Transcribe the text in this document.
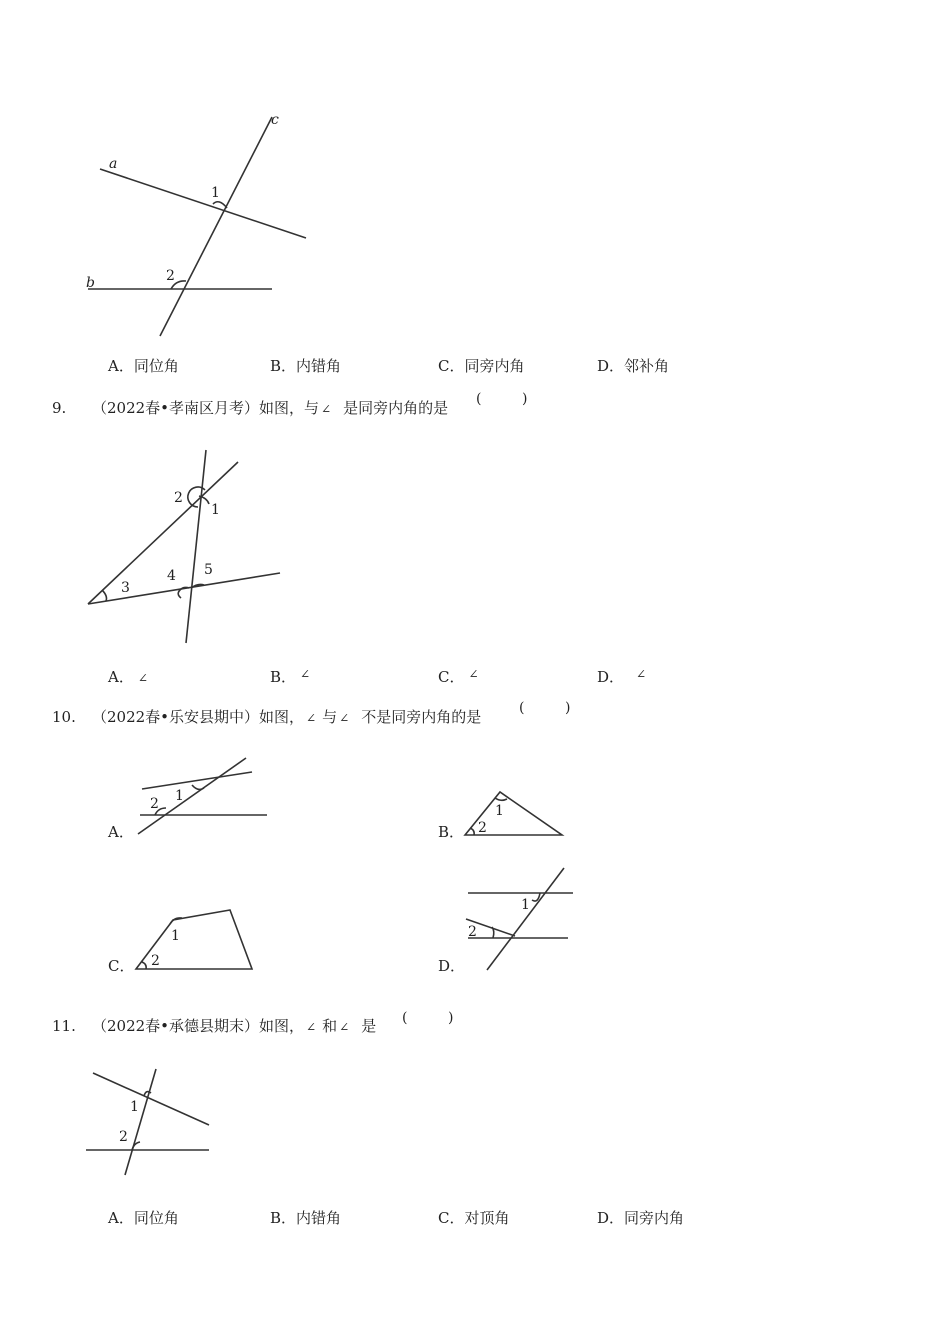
a
b
c
1
2
A．同位角	B．内错角	C．同旁内角	D．邻补角
9. （2022春•孝南区月考）如图，与 ∠ 是同旁内角的是 (	)
2
1
3
4 5
A． ∠	B． ∠	C． ∠	D． ∠
10. （2022春•乐安县期中）如图， ∠ 与 ∠ 不是同旁内角的是	(	)
A．
1
2
B．
1
2
C．
1
2	D．
1
2
11. （2022春•承德县期末）如图， ∠ 和 ∠ 是 (	)
1
2
A．同位角	B．内错角	C．对顶角	D．同旁内角
